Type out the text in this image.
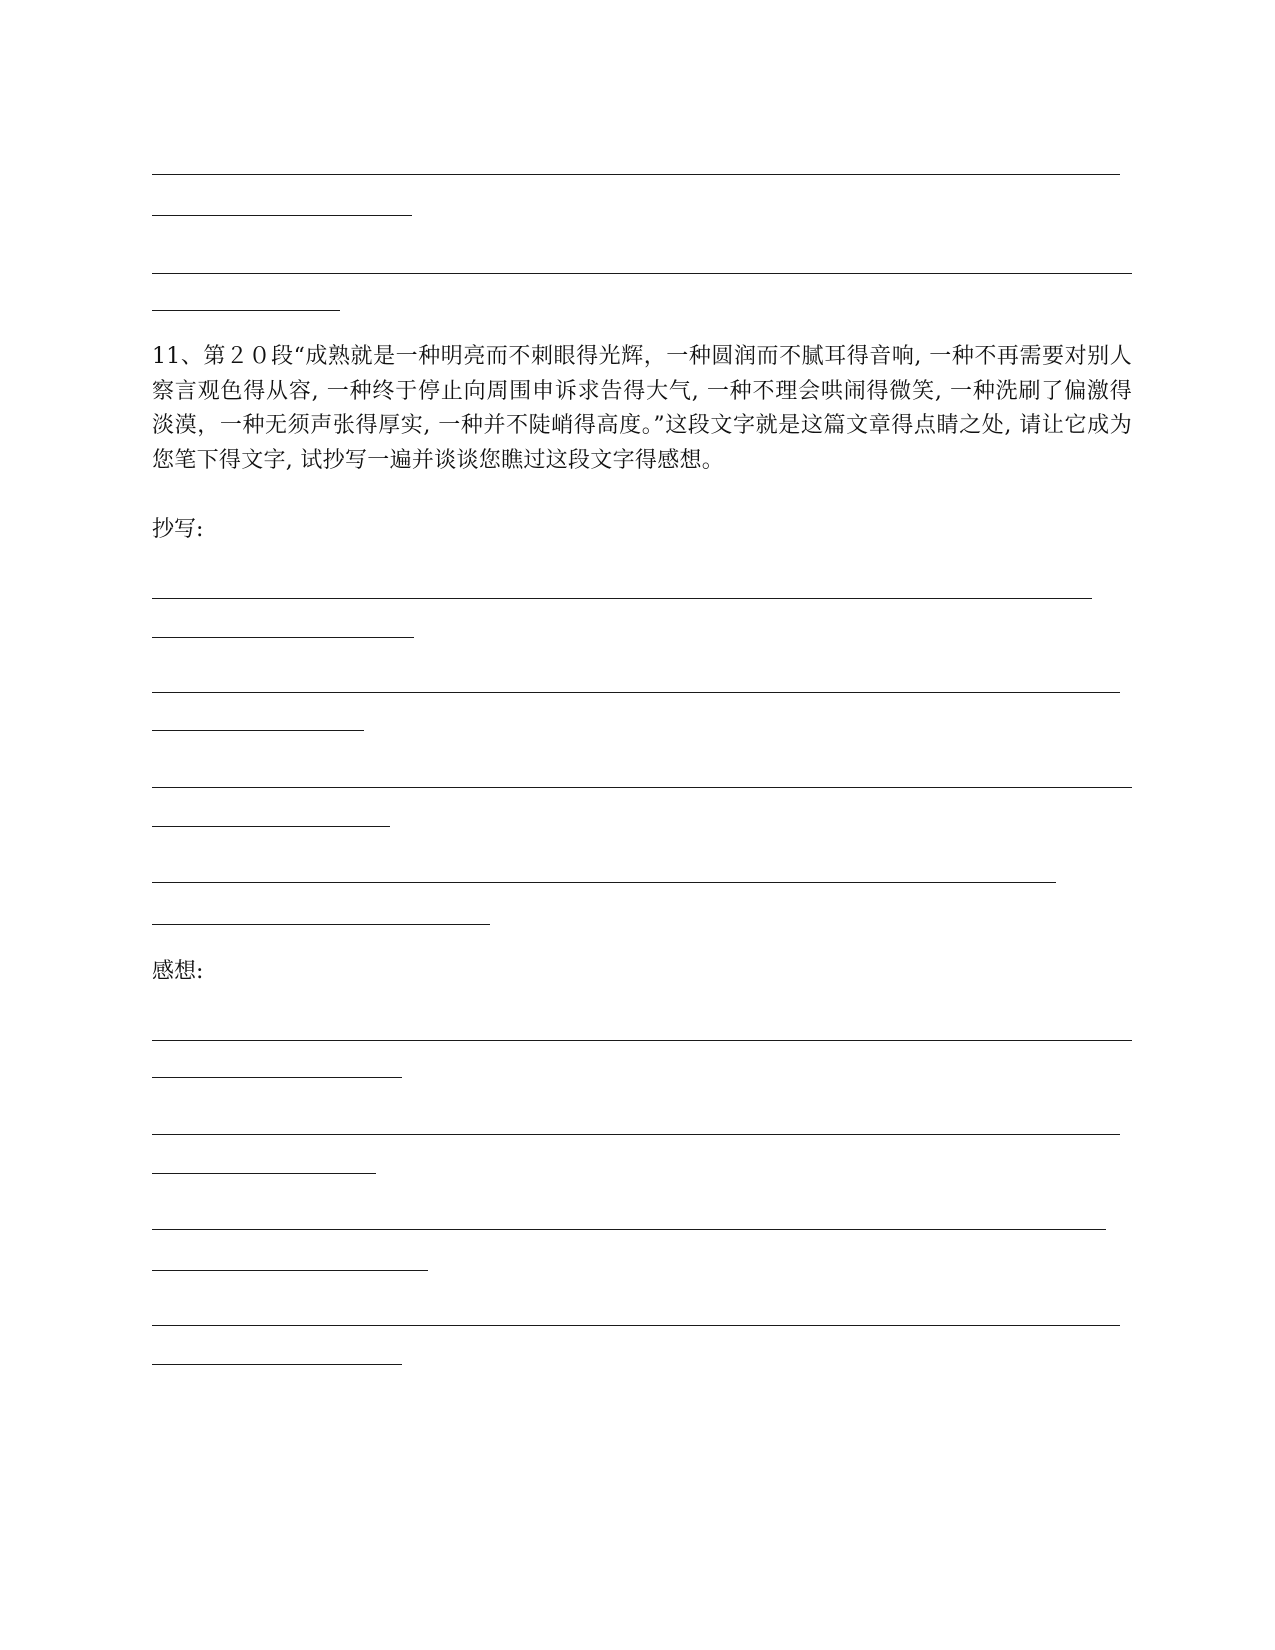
11、第２０段“成熟就是一种明亮而不刺眼得光辉，一种圆润而不腻耳得音响, 一种不再需要对别人察言观色得从容, 一种终于停止向周围申诉求告得大气, 一种不理会哄闹得微笑, 一种洗刷了偏激得淡漠，一种无须声张得厚实, 一种并不陡峭得高度。”这段文字就是这篇文章得点睛之处, 请让它成为您笔下得文字, 试抄写一遍并谈谈您瞧过这段文字得感想。
抄写:
感想:
